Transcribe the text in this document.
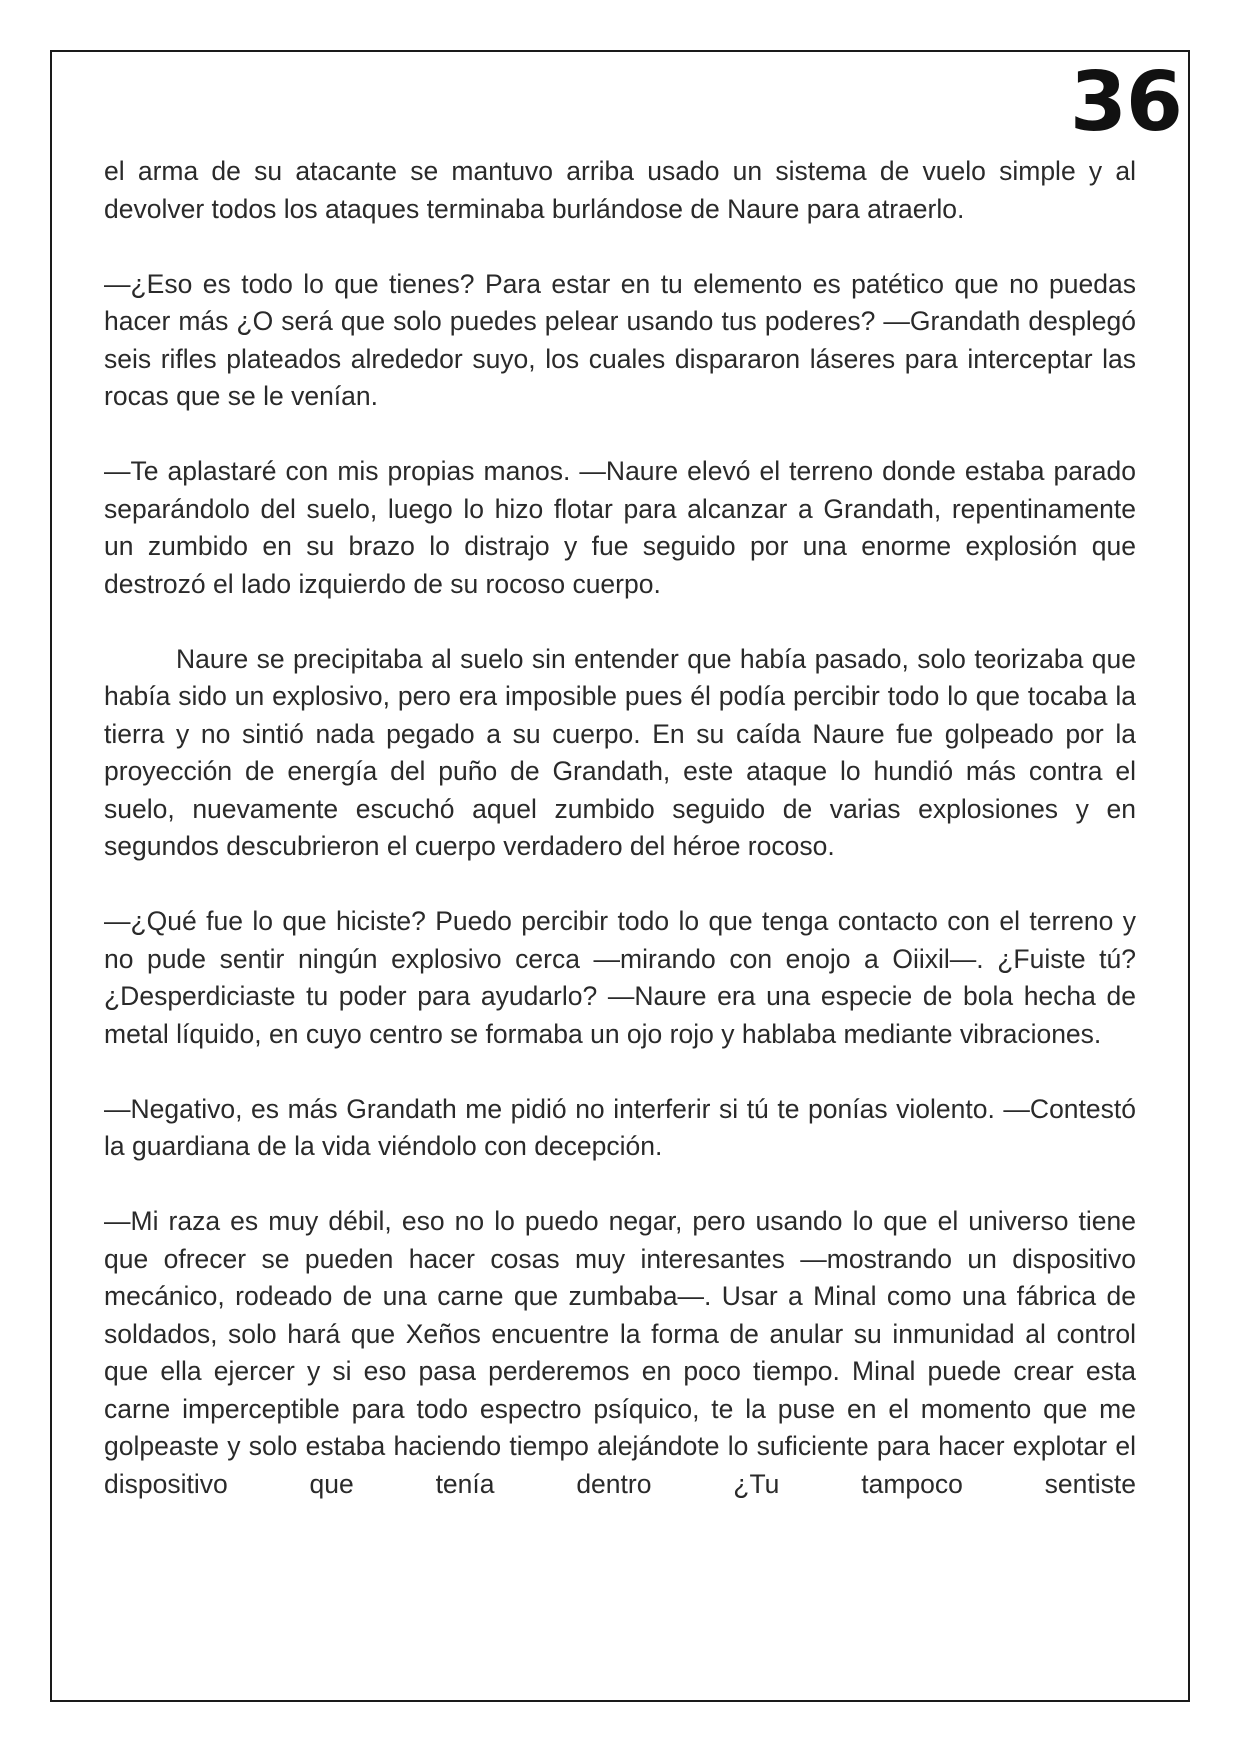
36

el arma de su atacante se mantuvo arriba usado un sistema de vuelo simple y al devolver todos los ataques terminaba burlándose de Naure para atraerlo.

—¿Eso es todo lo que tienes? Para estar en tu elemento es patético que no puedas hacer más ¿O será que solo puedes pelear usando tus poderes? —Grandath desplegó seis rifles plateados alrededor suyo, los cuales dispararon láseres para interceptar las rocas que se le venían.

—Te aplastaré con mis propias manos. —Naure elevó el terreno donde estaba parado separándolo del suelo, luego lo hizo flotar para alcanzar a Grandath, repentinamente un zumbido en su brazo lo distrajo y fue seguido por una enorme explosión que destrozó el lado izquierdo de su rocoso cuerpo.

Naure se precipitaba al suelo sin entender que había pasado, solo teorizaba que había sido un explosivo, pero era imposible pues él podía percibir todo lo que tocaba la tierra y no sintió nada pegado a su cuerpo. En su caída Naure fue golpeado por la proyección de energía del puño de Grandath, este ataque lo hundió más contra el suelo, nuevamente escuchó aquel zumbido seguido de varias explosiones y en segundos descubrieron el cuerpo verdadero del héroe rocoso.

—¿Qué fue lo que hiciste? Puedo percibir todo lo que tenga contacto con el terreno y no pude sentir ningún explosivo cerca —mirando con enojo a Oiixil—. ¿Fuiste tú? ¿Desperdiciaste tu poder para ayudarlo? —Naure era una especie de bola hecha de metal líquido, en cuyo centro se formaba un ojo rojo y hablaba mediante vibraciones.

—Negativo, es más Grandath me pidió no interferir si tú te ponías violento. —Contestó la guardiana de la vida viéndolo con decepción.

—Mi raza es muy débil, eso no lo puedo negar, pero usando lo que el universo tiene que ofrecer se pueden hacer cosas muy interesantes —mostrando un dispositivo mecánico, rodeado de una carne que zumbaba—. Usar a Minal como una fábrica de soldados, solo hará que Xeños encuentre la forma de anular su inmunidad al control que ella ejercer y si eso pasa perderemos en poco tiempo. Minal puede crear esta carne imperceptible para todo espectro psíquico, te la puse en el momento que me golpeaste y solo estaba haciendo tiempo alejándote lo suficiente para hacer explotar el dispositivo que tenía dentro ¿Tu tampoco sentiste
